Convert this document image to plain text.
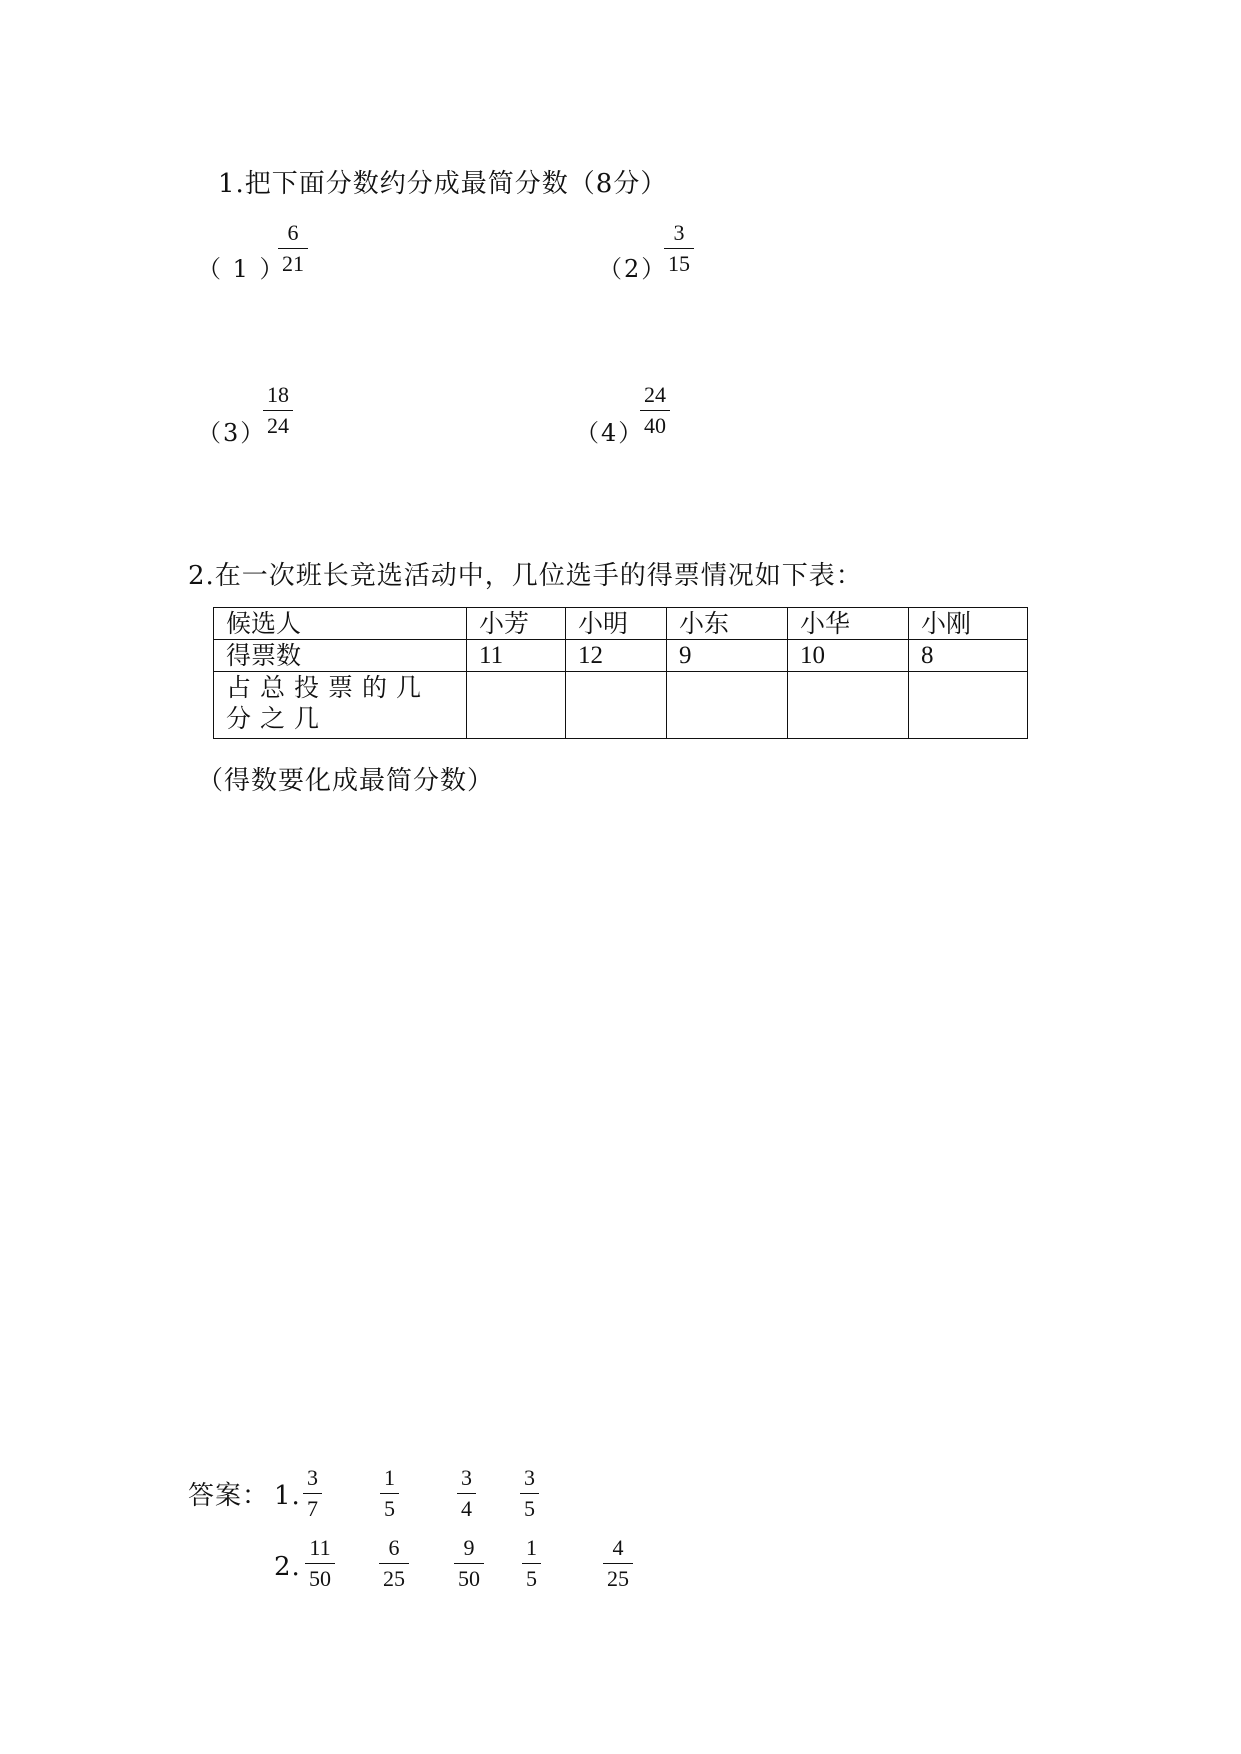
1.把下面分数约分成最简分数（8分）
（ 1 ）
6
21	（2）
3
15
（3）
18
24	（4）
24
40
2.在一次班长竞选活动中，几位选手的得票情况如下表：
候选人	小芳	小明	小东	小华	小刚
得票数	11	12	9	10	8
占总投票的几分之几					
（得数要化成最简分数）
答案： 1.
3
7
1
5
3
4
3
5
2.
11
50
6
25
9
50
1
5
4
25
